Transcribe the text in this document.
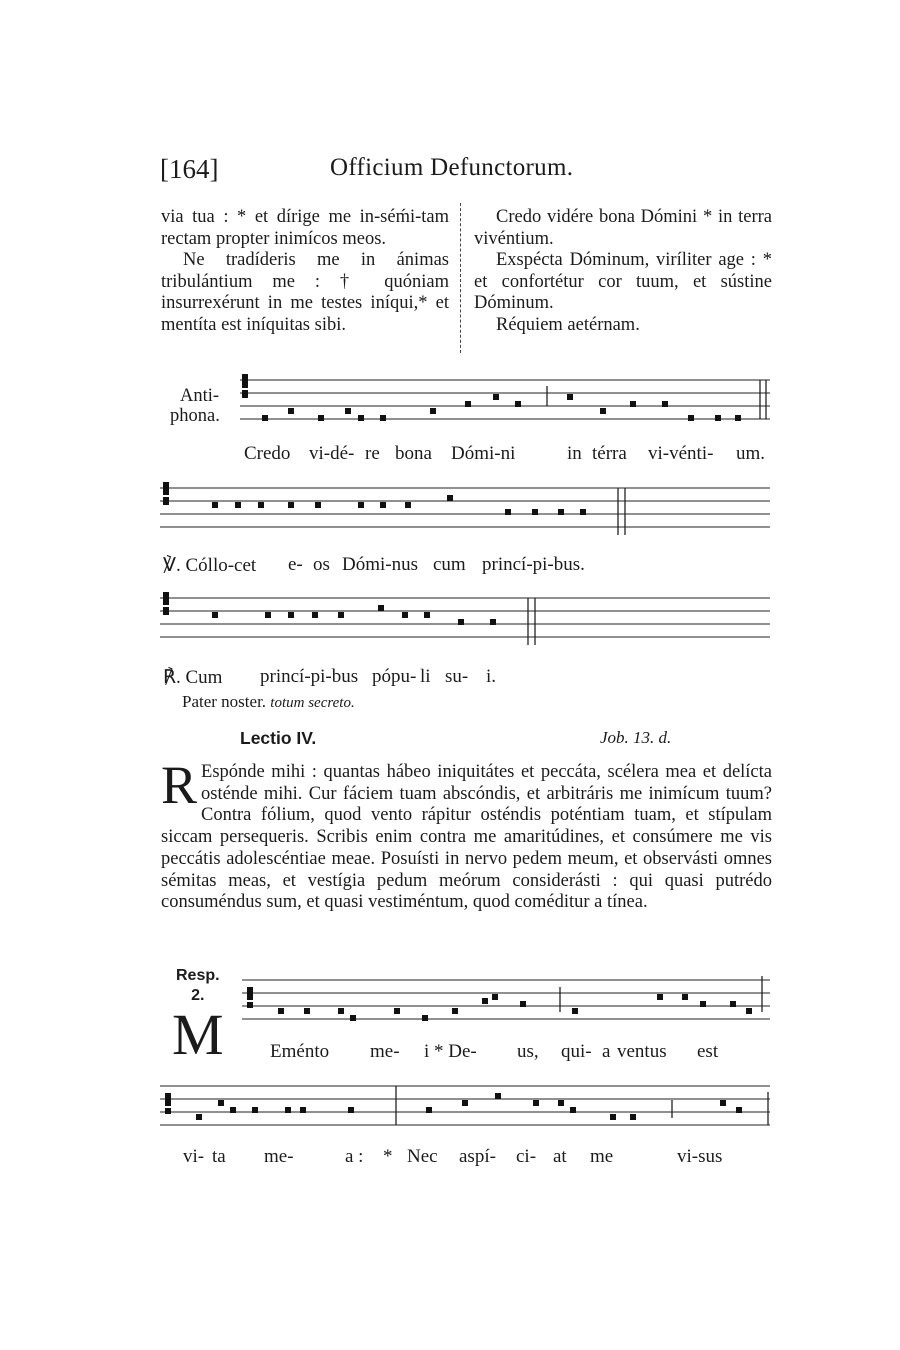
[164]	Officium Defunctorum.

via tua : * et dírige me in-séḿi-tam rectam propter inimícos meos.

Ne tradíderis me in ánimas tribulántium me : † quóniam insurrexérunt in me testes iníqui,* et mentíta est iníquitas sibi.

Credo vidére bona Dómini * in terra vivéntium.

Exspécta Dóminum, viríliter age : * et confortétur cor tuum, et sústine Dóminum.

Réquiem aetérnam.

Anti-
phona.
Credo vi-dé- re bona Dómi-ni	in térra vi-vénti- um.
℣. Cóllo-cet e- os Dómi-nus cum princí-pi-bus.
℟. Cum princí-pi-bus pópu- li su- i.
Pater noster. totum secreto.
Lectio IV.	Job. 13. d.
R Espónde mihi : quantas hábeo iniquitátes et peccáta, scélera mea et delícta osténde mihi. Cur fáciem tuam abscóndis, et arbitráris me inimícum tuum? Contra fólium, quod vento rápitur osténdis poténtiam tuam, et stípulam siccam persequeris. Scribis enim contra me amaritúdines, et consúmere me vis peccátis adolescéntiae meae. Posuísti in nervo pedem meum, et observásti omnes sémitas meas, et vestígia pedum meórum considerásti : qui quasi putrédo consuméndus sum, et quasi vestiméntum, quod coméditur a tínea.
Resp.
2.
M Eménto me- i * De- us, qui- a ventus est
vi- ta me-	a : * Nec aspí- ci- at me	vi-sus
